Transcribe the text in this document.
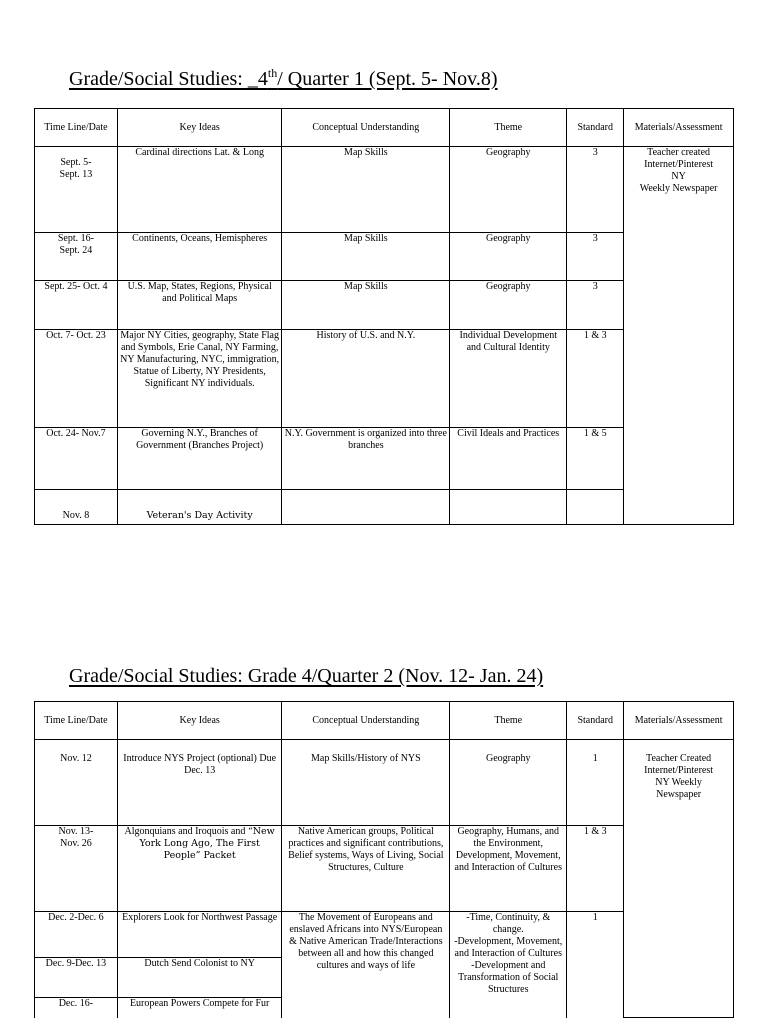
Grade/Social Studies: _4th/ Quarter 1 (Sept. 5- Nov.8)
Time Line/Date	Key Ideas	Conceptual Understanding	Theme	Standard	Materials/Assessment
Sept. 5-
Sept. 13	Cardinal directions Lat. & Long	Map Skills	Geography	3	Teacher created
Internet/Pinterest
NY
Weekly Newspaper
Sept. 16-
Sept. 24	Continents, Oceans, Hemispheres	Map Skills	Geography	3	
Sept. 25- Oct. 4	U.S. Map, States, Regions, Physical and Political Maps	Map Skills	Geography	3	
Oct. 7- Oct. 23	Major NY Cities, geography, State Flag and Symbols, Erie Canal, NY Farming, NY Manufacturing, NYC, immigration, Statue of Liberty, NY Presidents, Significant NY individuals.	History of U.S. and N.Y.	Individual Development and Cultural Identity	1 & 3	
Oct. 24- Nov.7	Governing N.Y., Branches of Government (Branches Project)	N.Y. Government is organized into three branches	Civil Ideals and Practices	1 & 5	
Nov. 8	Veteran's Day Activity				
Grade/Social Studies: Grade 4/Quarter 2 (Nov. 12- Jan. 24)
Time Line/Date	Key Ideas	Conceptual Understanding	Theme	Standard	Materials/Assessment
Nov. 12	Introduce NYS Project (optional) Due Dec. 13	Map Skills/History of NYS	Geography	1	Teacher Created
Internet/Pinterest
NY Weekly
Newspaper
Nov. 13-
Nov. 26	Algonquians and Iroquois and “New York Long Ago, The First People” Packet	Native American groups, Political practices and significant contributions, Belief systems, Ways of Living, Social Structures, Culture	Geography, Humans, and the Environment, Development, Movement, and Interaction of Cultures	1 & 3	
Dec. 2-Dec. 6	Explorers Look for Northwest Passage	The Movement of Europeans and enslaved Africans into NYS/European & Native American Trade/Interactions between all and how this changed cultures and ways of life	-Time, Continuity, & change.
-Development, Movement, and Interaction of Cultures
-Development and Transformation of Social Structures	1	
Dec. 9-Dec. 13	Dutch Send Colonist to NY				
Dec. 16-	European Powers Compete for Fur				
